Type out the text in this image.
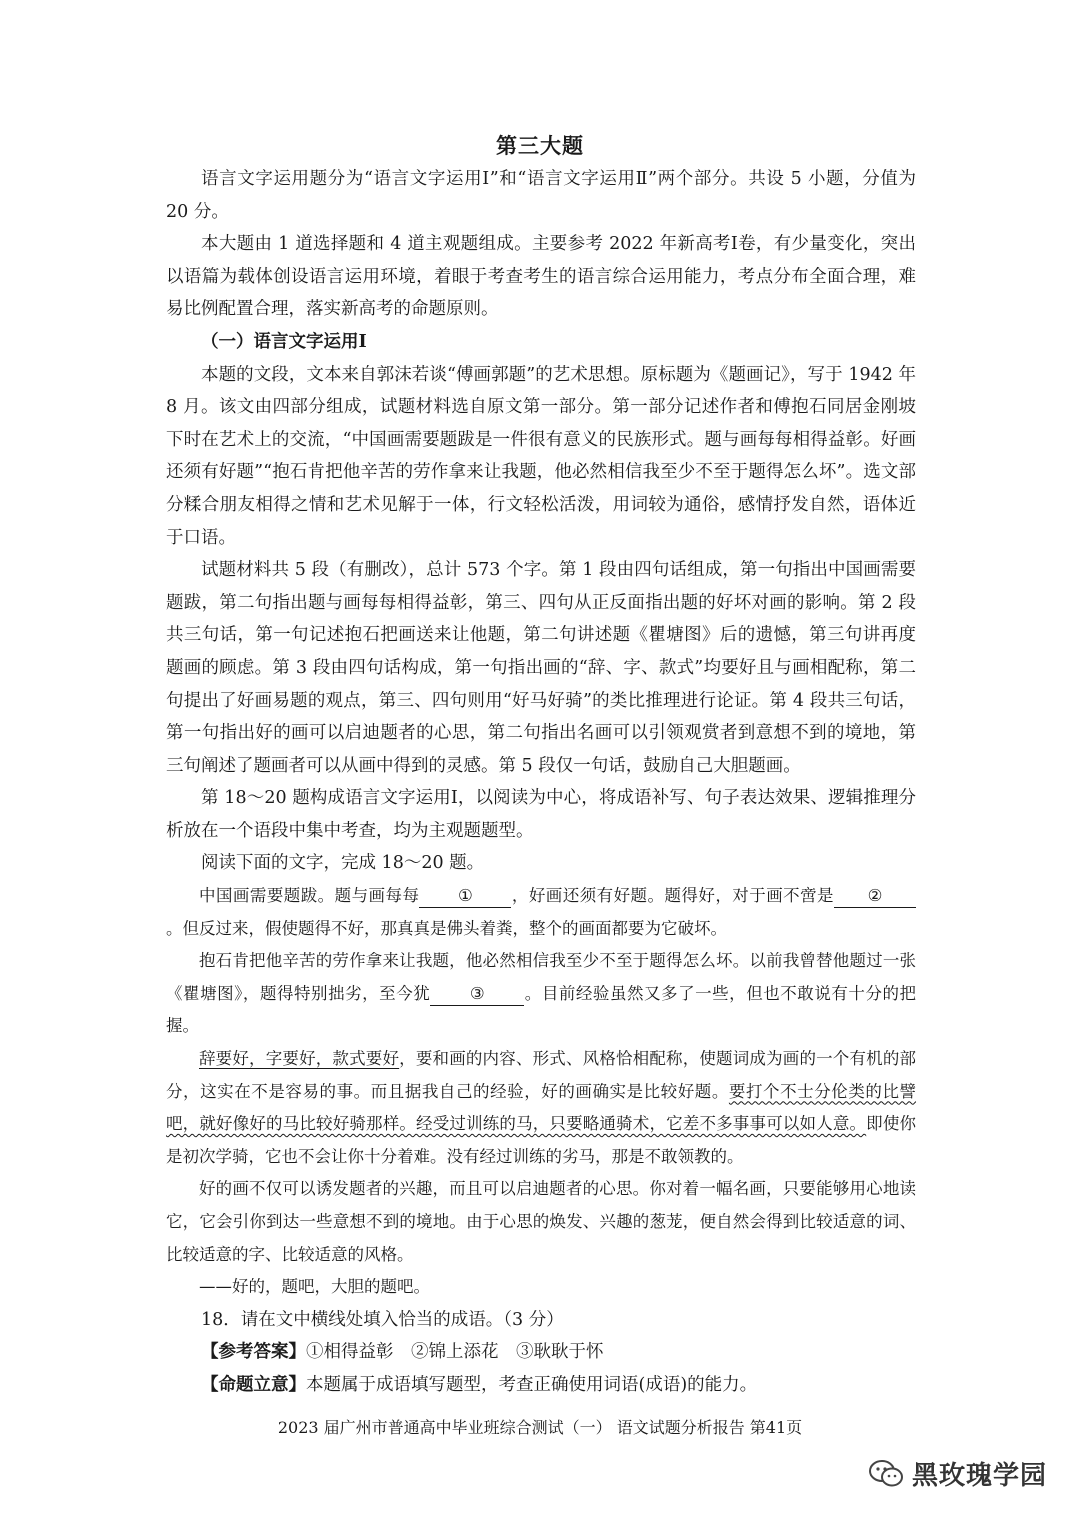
第三大题

语言文字运用题分为“语言文字运用Ⅰ”和“语言文字运用Ⅱ”两个部分。共设 5 小题，分值为 20 分。

本大题由 1 道选择题和 4 道主观题组成。主要参考 2022 年新高考Ⅰ卷，有少量变化，突出以语篇为载体创设语言运用环境，着眼于考查考生的语言综合运用能力，考点分布全面合理，难易比例配置合理，落实新高考的命题原则。

（一）语言文字运用Ⅰ

本题的文段，文本来自郭沫若谈“傅画郭题”的艺术思想。原标题为《题画记》，写于 1942 年 8 月。该文由四部分组成，试题材料选自原文第一部分。第一部分记述作者和傅抱石同居金刚坡下时在艺术上的交流，“中国画需要题跋是一件很有意义的民族形式。题与画每每相得益彰。好画还须有好题”“抱石肯把他辛苦的劳作拿来让我题，他必然相信我至少不至于题得怎么坏”。选文部分糅合朋友相得之情和艺术见解于一体，行文轻松活泼，用词较为通俗，感情抒发自然，语体近于口语。

试题材料共 5 段（有删改），总计 573 个字。第 1 段由四句话组成，第一句指出中国画需要题跋，第二句指出题与画每每相得益彰，第三、四句从正反面指出题的好坏对画的影响。第 2 段共三句话，第一句记述抱石把画送来让他题，第二句讲述题《瞿塘图》后的遗憾，第三句讲再度题画的顾虑。第 3 段由四句话构成，第一句指出画的“辞、字、款式”均要好且与画相配称，第二句提出了好画易题的观点，第三、四句则用“好马好骑”的类比推理进行论证。第 4 段共三句话，第一句指出好的画可以启迪题者的心思，第二句指出名画可以引领观赏者到意想不到的境地，第三句阐述了题画者可以从画中得到的灵感。第 5 段仅一句话，鼓励自己大胆题画。

第 18～20 题构成语言文字运用Ⅰ，以阅读为中心，将成语补写、句子表达效果、逻辑推理分析放在一个语段中集中考查，均为主观题题型。

阅读下面的文字，完成 18～20 题。

中国画需要题跋。题与画每每 ① ，好画还须有好题。题得好，对于画不啻是 ②。但反过来，假使题得不好，那真真是佛头着粪，整个的画面都要为它破坏。

抱石肯把他辛苦的劳作拿来让我题，他必然相信我至少不至于题得怎么坏。以前我曾替他题过一张《瞿塘图》，题得特别拙劣，至今犹 ③ 。目前经验虽然又多了一些，但也不敢说有十分的把握。

辞要好，字要好，款式要好，要和画的内容、形式、风格恰相配称，使题词成为画的一个有机的部分，这实在不是容易的事。而且据我自己的经验，好的画确实是比较好题。要打个不士分伦类的比譬吧，就好像好的马比较好骑那样。经受过训练的马，只要略通骑术，它差不多事事可以如人意。即使你是初次学骑，它也不会让你十分着难。没有经过训练的劣马，那是不敢领教的。

好的画不仅可以诱发题者的兴趣，而且可以启迪题者的心思。你对着一幅名画，只要能够用心地读它，它会引你到达一些意想不到的境地。由于心思的焕发、兴趣的葱茏，便自然会得到比较适意的词、比较适意的字、比较适意的风格。

——好的，题吧，大胆的题吧。

18．请在文中横线处填入恰当的成语。（3 分）

【参考答案】①相得益彰　②锦上添花　③耿耿于怀

【命题立意】本题属于成语填写题型，考查正确使用词语(成语)的能力。

2023 届广州市普通高中毕业班综合测试（一） 语文试题分析报告 第41页
黑玫瑰学园
